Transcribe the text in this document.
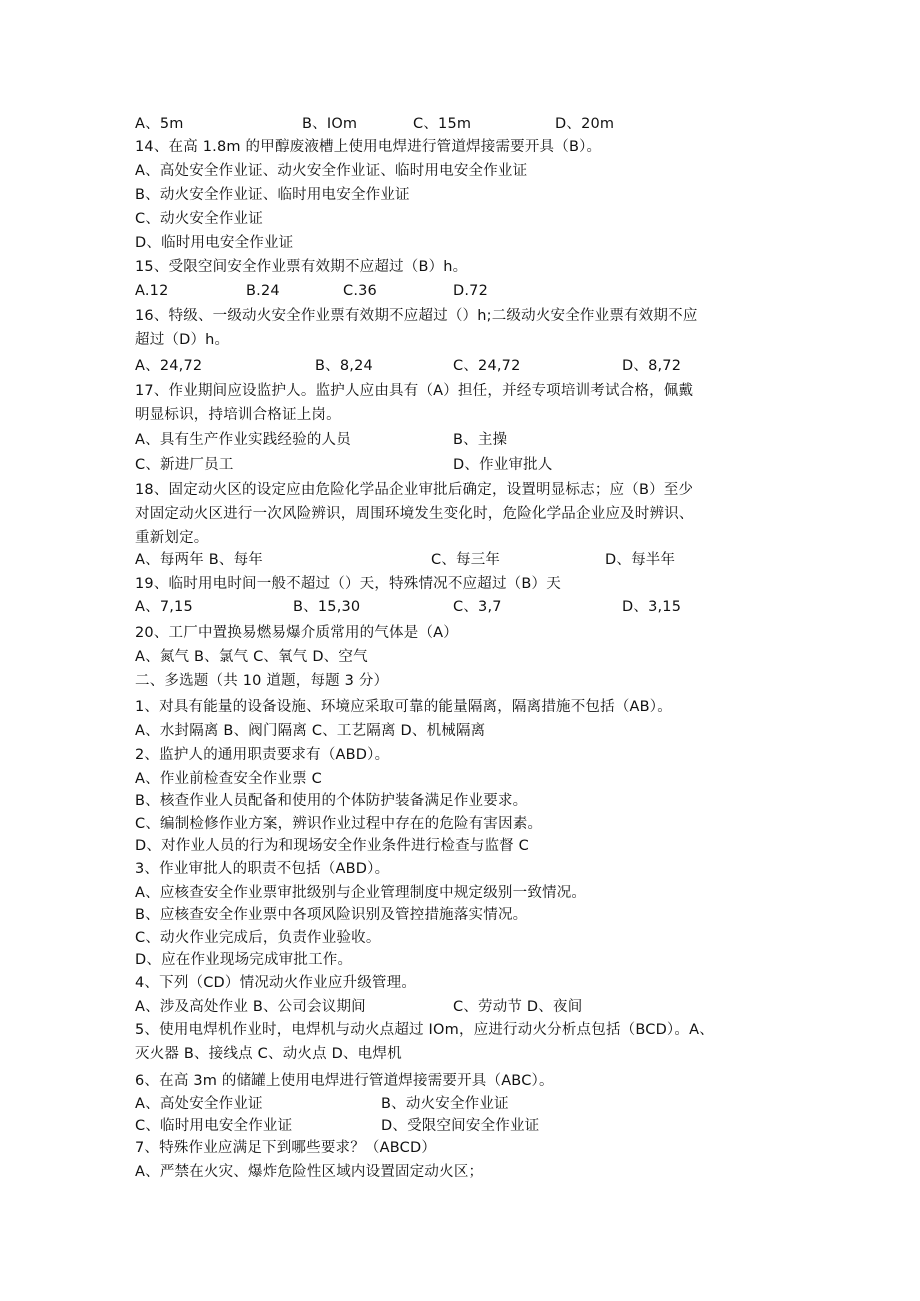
A、5m	B、IOm	C、15m	D、20m
14、在高 1.8m 的甲醇废液槽上使用电焊进行管道焊接需要开具（B）。
A、高处安全作业证、动火安全作业证、临时用电安全作业证
B、动火安全作业证、临时用电安全作业证
C、动火安全作业证
D、临时用电安全作业证
15、受限空间安全作业票有效期不应超过（B）h。
A.12	B.24	C.36	D.72
16、特级、一级动火安全作业票有效期不应超过（）h;二级动火安全作业票有效期不应
超过（D）h。
A、24,72	B、8,24	C、24,72	D、8,72
17、作业期间应设监护人。监护人应由具有（A）担任，并经专项培训考试合格，佩戴
明显标识，持培训合格证上岗。
A、具有生产作业实践经验的人员	B、主操
C、新进厂员工	D、作业审批人
18、固定动火区的设定应由危险化学品企业审批后确定，设置明显标志；应（B）至少
对固定动火区进行一次风险辨识，周围环境发生变化时，危险化学品企业应及时辨识、
重新划定。
A、每两年 B、每年	C、每三年	D、每半年
19、临时用电时间一般不超过（）天，特殊情况不应超过（B）天
A、7,15	B、15,30	C、3,7	D、3,15
20、工厂中置换易燃易爆介质常用的气体是（A）
A、氮气 B、氯气 C、氧气 D、空气
二、多选题（共 10 道题，每题 3 分）
1、对具有能量的设备设施、环境应采取可靠的能量隔离，隔离措施不包括（AB）。
A、水封隔离 B、阀门隔离 C、工艺隔离 D、机械隔离
2、监护人的通用职责要求有（ABD）。
A、作业前检查安全作业票 C
B、核查作业人员配备和使用的个体防护装备满足作业要求。
C、编制检修作业方案，辨识作业过程中存在的危险有害因素。
D、对作业人员的行为和现场安全作业条件进行检查与监督 C
3、作业审批人的职责不包括（ABD）。
A、应核查安全作业票审批级别与企业管理制度中规定级别一致情况。
B、应核查安全作业票中各项风险识别及管控措施落实情况。
C、动火作业完成后，负责作业验收。
D、应在作业现场完成审批工作。
4、下列（CD）情况动火作业应升级管理。
A、涉及高处作业 B、公司会议期间	C、劳动节 D、夜间
5、使用电焊机作业时，电焊机与动火点超过 IOm，应进行动火分析点包括（BCD）。A、
灭火器 B、接线点 C、动火点 D、电焊机
6、在高 3m 的储罐上使用电焊进行管道焊接需要开具（ABC）。
A、高处安全作业证	B、动火安全作业证
C、临时用电安全作业证	D、受限空间安全作业证
7、特殊作业应满足下到哪些要求？（ABCD）
A、严禁在火灾、爆炸危险性区域内设置固定动火区；
